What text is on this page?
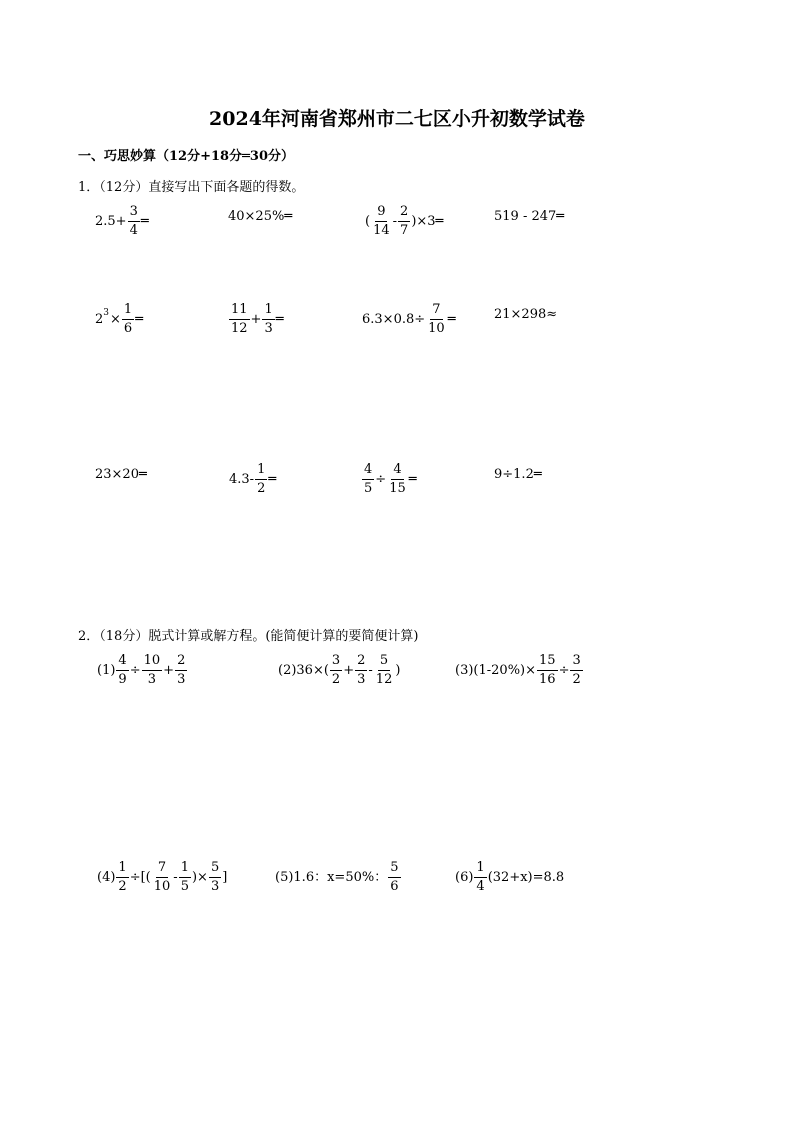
2024年河南省郑州市二七区小升初数学试卷
一、巧思妙算（12分+18分═30分）
1．（12分）直接写出下面各题的得数。
$2.5+ \frac{3}{4}$ ═	40×25%═	( $\frac{9}{14} - \frac{2}{7}$ )×3═	519 - 247═
2 $3 \times \frac{1}{6}$ ═	$\frac{11}{12} + \frac{1}{3}$ ═	$6.3\times 0.8\div \frac{7}{10}$ ═	21×298≈
23×20═	$4.3- \frac{1}{2}$ ═	$\frac{4}{5} \div \frac{4}{15}$ ═	9÷1.2═
2．（18分）脱式计算或解方程。(能简便计算的要简便计算)
$(1) \frac{4}{9} \div \frac{10}{3} + \frac{2}{3}$	$(2)36\times( \frac{3}{2} + \frac{2}{3} - \frac{5}{12}$ )	$(3)(1-20\%)\times \frac{15}{16} \div \frac{3}{2}$
$(4) \frac{1}{2}$ ÷[( $\frac{7}{10} - \frac{1}{5}$ )× $\frac{5}{3}$ ]	(5)1.6：x=50%： $\frac{5}{6}$	$(6) \frac{1}{4} (32+x)=8.8$
